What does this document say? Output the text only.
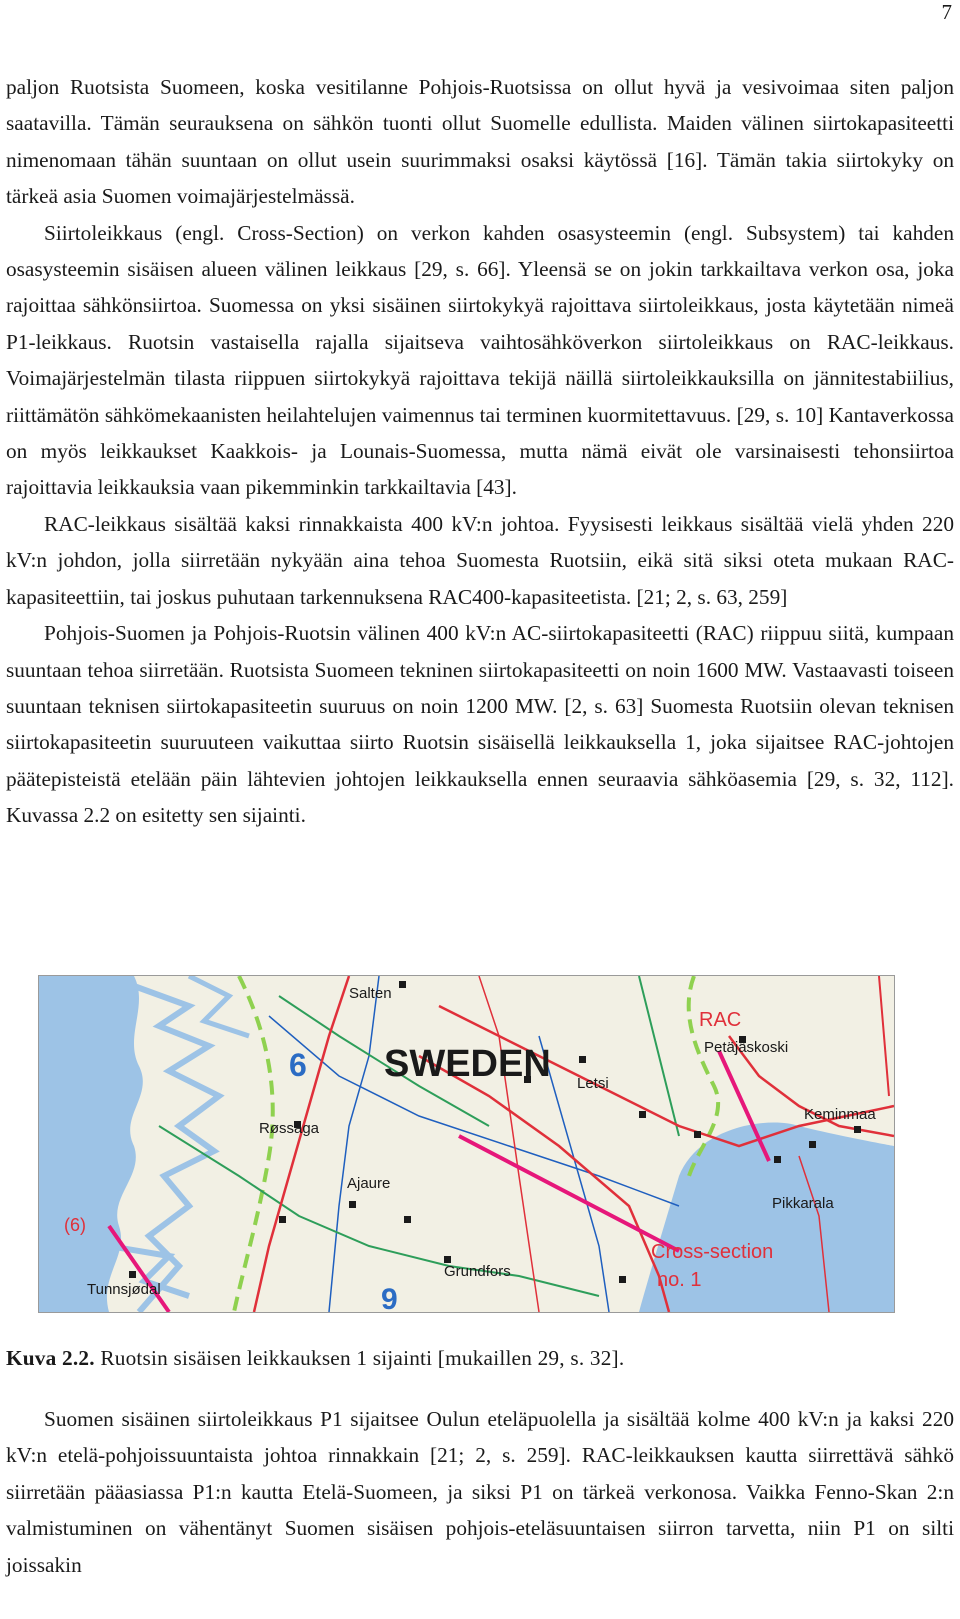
7

paljon Ruotsista Suomeen, koska vesitilanne Pohjois-Ruotsissa on ollut hyvä ja vesivoimaa siten paljon saatavilla. Tämän seurauksena on sähkön tuonti ollut Suomelle edullista. Maiden välinen siirtokapasiteetti nimenomaan tähän suuntaan on ollut usein suurimmaksi osaksi käytössä [16]. Tämän takia siirtokyky on tärkeä asia Suomen voimajärjestelmässä.

Siirtoleikkaus (engl. Cross-Section) on verkon kahden osasysteemin (engl. Subsystem) tai kahden osasysteemin sisäisen alueen välinen leikkaus [29, s. 66]. Yleensä se on jokin tarkkailtava verkon osa, joka rajoittaa sähkönsiirtoa. Suomessa on yksi sisäinen siirtokykyä rajoittava siirtoleikkaus, josta käytetään nimeä P1-leikkaus. Ruotsin vastaisella rajalla sijaitseva vaihtosähköverkon siirtoleikkaus on RAC-leikkaus. Voimajärjestelmän tilasta riippuen siirtokykyä rajoittava tekijä näillä siirtoleikkauksilla on jännitestabiilius, riittämätön sähkömekaanisten heilahtelujen vaimennus tai terminen kuormitettavuus. [29, s. 10] Kantaverkossa on myös leikkaukset Kaakkois- ja Lounais-Suomessa, mutta nämä eivät ole varsinaisesti tehonsiirtoa rajoittavia leikkauksia vaan pikemminkin tarkkailtavia [43].

RAC-leikkaus sisältää kaksi rinnakkaista 400 kV:n johtoa. Fyysisesti leikkaus sisältää vielä yhden 220 kV:n johdon, jolla siirretään nykyään aina tehoa Suomesta Ruotsiin, eikä sitä siksi oteta mukaan RAC-kapasiteettiin, tai joskus puhutaan tarkennuksena RAC400-kapasiteetista. [21; 2, s. 63, 259]

Pohjois-Suomen ja Pohjois-Ruotsin välinen 400 kV:n AC-siirtokapasiteetti (RAC) riippuu siitä, kumpaan suuntaan tehoa siirretään. Ruotsista Suomeen tekninen siirtokapasiteetti on noin 1600 MW. Vastaavasti toiseen suuntaan teknisen siirtokapasiteetin suuruus on noin 1200 MW. [2, s. 63] Suomesta Ruotsiin olevan teknisen siirtokapasiteetin suuruuteen vaikuttaa siirto Ruotsin sisäisellä leikkauksella 1, joka sijaitsee RAC-johtojen päätepisteistä etelään päin lähtevien johtojen leikkauksella ennen seuraavia sähköasemia [29, s. 32, 112]. Kuvassa 2.2 on esitetty sen sijainti.

Salten
SWEDEN
6
Røssåga
Ajaure
(6)
Tunnsjødal
Grundfors
9
Letsi
RAC
Petäjäskoski
Keminmaa
Pikkarala
Cross-section
no. 1
Kuva 2.2. Ruotsin sisäisen leikkauksen 1 sijainti [mukaillen 29, s. 32].

Suomen sisäinen siirtoleikkaus P1 sijaitsee Oulun eteläpuolella ja sisältää kolme 400 kV:n ja kaksi 220 kV:n etelä-pohjoissuuntaista johtoa rinnakkain [21; 2, s. 259]. RAC-leikkauksen kautta siirrettävä sähkö siirretään pääasiassa P1:n kautta Etelä-Suomeen, ja siksi P1 on tärkeä verkonosa. Vaikka Fenno-Skan 2:n valmistuminen on vähentänyt Suomen sisäisen pohjois-eteläsuuntaisen siirron tarvetta, niin P1 on silti joissakin
